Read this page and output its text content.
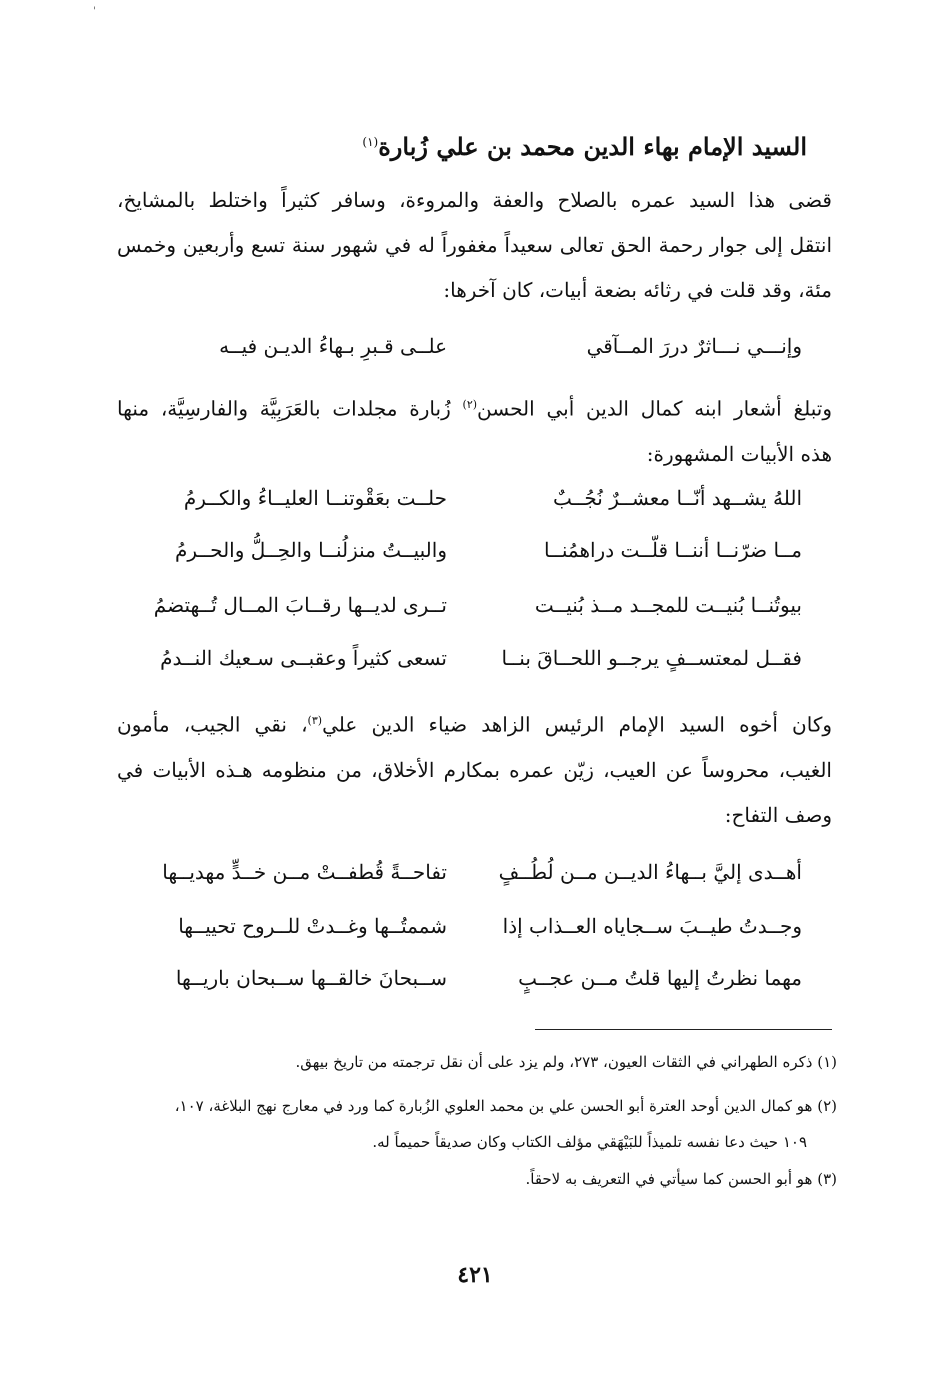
'
السيد الإمام بهاء الدين محمد بن علي زُبارة$^{(١)}$
قضى هذا السيد عمره بالصلاح والعفة والمروءة، وسافر كثيراً واختلط بالمشايخ،
انتقل إلى جوار رحمة الحق تعالى سعيداً مغفوراً له في شهور سنة تسع وأربعين وخمس
مئة، وقد قلت في رثائه بضعة أبيات، كان آخرها:
وإنـــي نـــاثرٌ دررَ المــآقي
علــى قـبرِ بـهاءُ الديـن فيــه
وتبلغ أشعار ابنه كمال الدين أبي الحسن$^{(٢)}$ زُبارة مجلدات بالعَرَبِيَّة والفارسِيَّة، منها
هذه الأبيات المشهورة:
اللهُ يشــهد أنّــا معشــرٌ نُجُــبٌ
حلــت بعَقْوتنــا العليــاءُ والكــرمُ
مــا ضرّنــا أننــا قلّــت دراهمُنــا
والبيــتُ منزلُنــا والحِــلُّ والحــرمُ
بيوتُنــا بُنيــت للمجــد مــذ بُنيــت
تــرى لديــها رقــابَ المــال تُــهتضمُ
فقــل لمعتســفٍ يرجــو اللحــاقَ بنــا
تسعى كثيراً وعقبــى سـعيك النــدمُ
وكان أخوه السيد الإمام الرئيس الزاهد ضياء الدين علي$^{(٣)}$، نقي الجيب، مأمون
الغيب، محروساً عن العيب، زيّن عمره بمكارم الأخلاق، من منظومه هـذه الأبيات في
وصف التفاح:
أهــدى إليَّ بــهاءُ الديــن مــن لُطُــفٍ
تفاحــةً قُطفــتْ مــن خــدٍّ مهديــها
وجــدتُ طيــبَ ســجاياه العــذاب إذا
شممتُــها وغــدتْ للــروح تحييــها
مهما نظرتُ إليها قلتُ مــن عجــبٍ
ســبحانَ خالقــها ســبحان باريــها
(١) ذكره الطهراني في الثقات العيون، ٢٧٣، ولم يزد على أن نقل ترجمته من تاريخ بيهق.
(٢) هو كمال الدين أوحد العترة أبو الحسن علي بن محمد العلوي الزُبارة كما ورد في معارج نهج البلاغة، ١٠٧،
١٠٩ حيث دعا نفسه تلميذاً للبَيْهَقي مؤلف الكتاب وكان صديقاً حميماً له.
(٣) هو أبو الحسن كما سيأتي في التعريف به لاحقاً.
٤٢١
